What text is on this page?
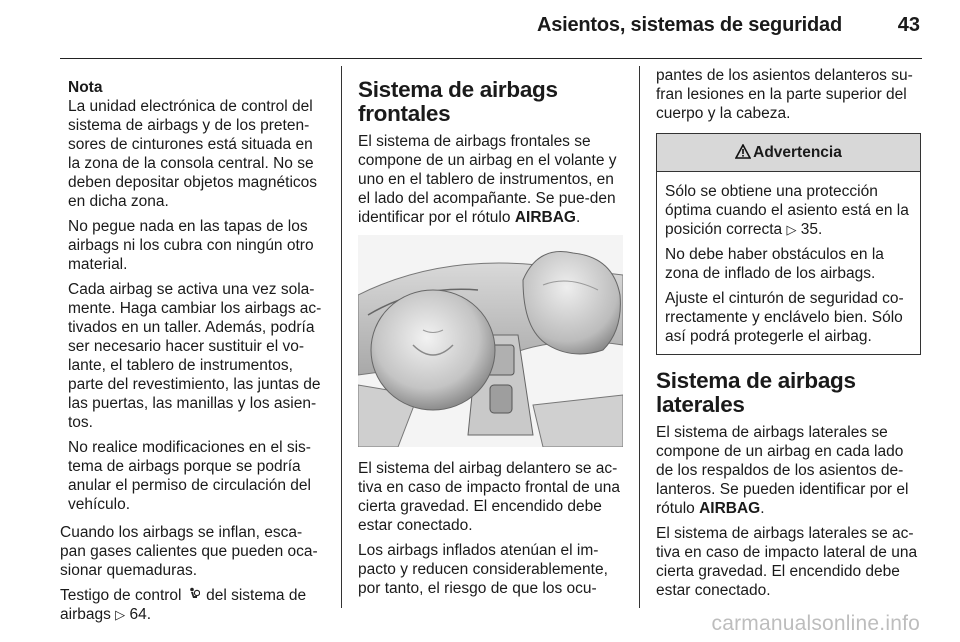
Asientos, sistemas de seguridad	43

Nota

La unidad electrónica de control del sistema de airbags y de los preten-sores de cinturones está situada en la zona de la consola central. No se deben depositar objetos magnéticos en dicha zona.

No pegue nada en las tapas de los airbags ni los cubra con ningún otro material.

Cada airbag se activa una vez sola-mente. Haga cambiar los airbags ac-tivados en un taller. Además, podría ser necesario hacer sustituir el vo-lante, el tablero de instrumentos, parte del revestimiento, las juntas de las puertas, las manillas y los asien-tos.

No realice modificaciones en el sis-tema de airbags porque se podría anular el permiso de circulación del vehículo.

Cuando los airbags se inflan, esca-pan gases calientes que pueden oca-sionar quemaduras.

Testigo de control del sistema de airbags ▷ 64.

Sistema de airbags frontales

El sistema de airbags frontales se compone de un airbag en el volante y uno en el tablero de instrumentos, en el lado del acompañante. Se pue-den identificar por el rótulo AIRBAG.

El sistema del airbag delantero se ac-tiva en caso de impacto frontal de una cierta gravedad. El encendido debe estar conectado.

Los airbags inflados atenúan el im-pacto y reducen considerablemente, por tanto, el riesgo de que los ocu-

pantes de los asientos delanteros su-fran lesiones en la parte superior del cuerpo y la cabeza.

Advertencia

Sólo se obtiene una protección óptima cuando el asiento está en la posición correcta ▷ 35.

No debe haber obstáculos en la zona de inflado de los airbags.

Ajuste el cinturón de seguridad co-rrectamente y enclávelo bien. Sólo así podrá protegerle el airbag.

Sistema de airbags laterales

El sistema de airbags laterales se compone de un airbag en cada lado de los respaldos de los asientos de-lanteros. Se pueden identificar por el rótulo AIRBAG.

El sistema de airbags laterales se ac-tiva en caso de impacto lateral de una cierta gravedad. El encendido debe estar conectado.

carmanualsonline.info
